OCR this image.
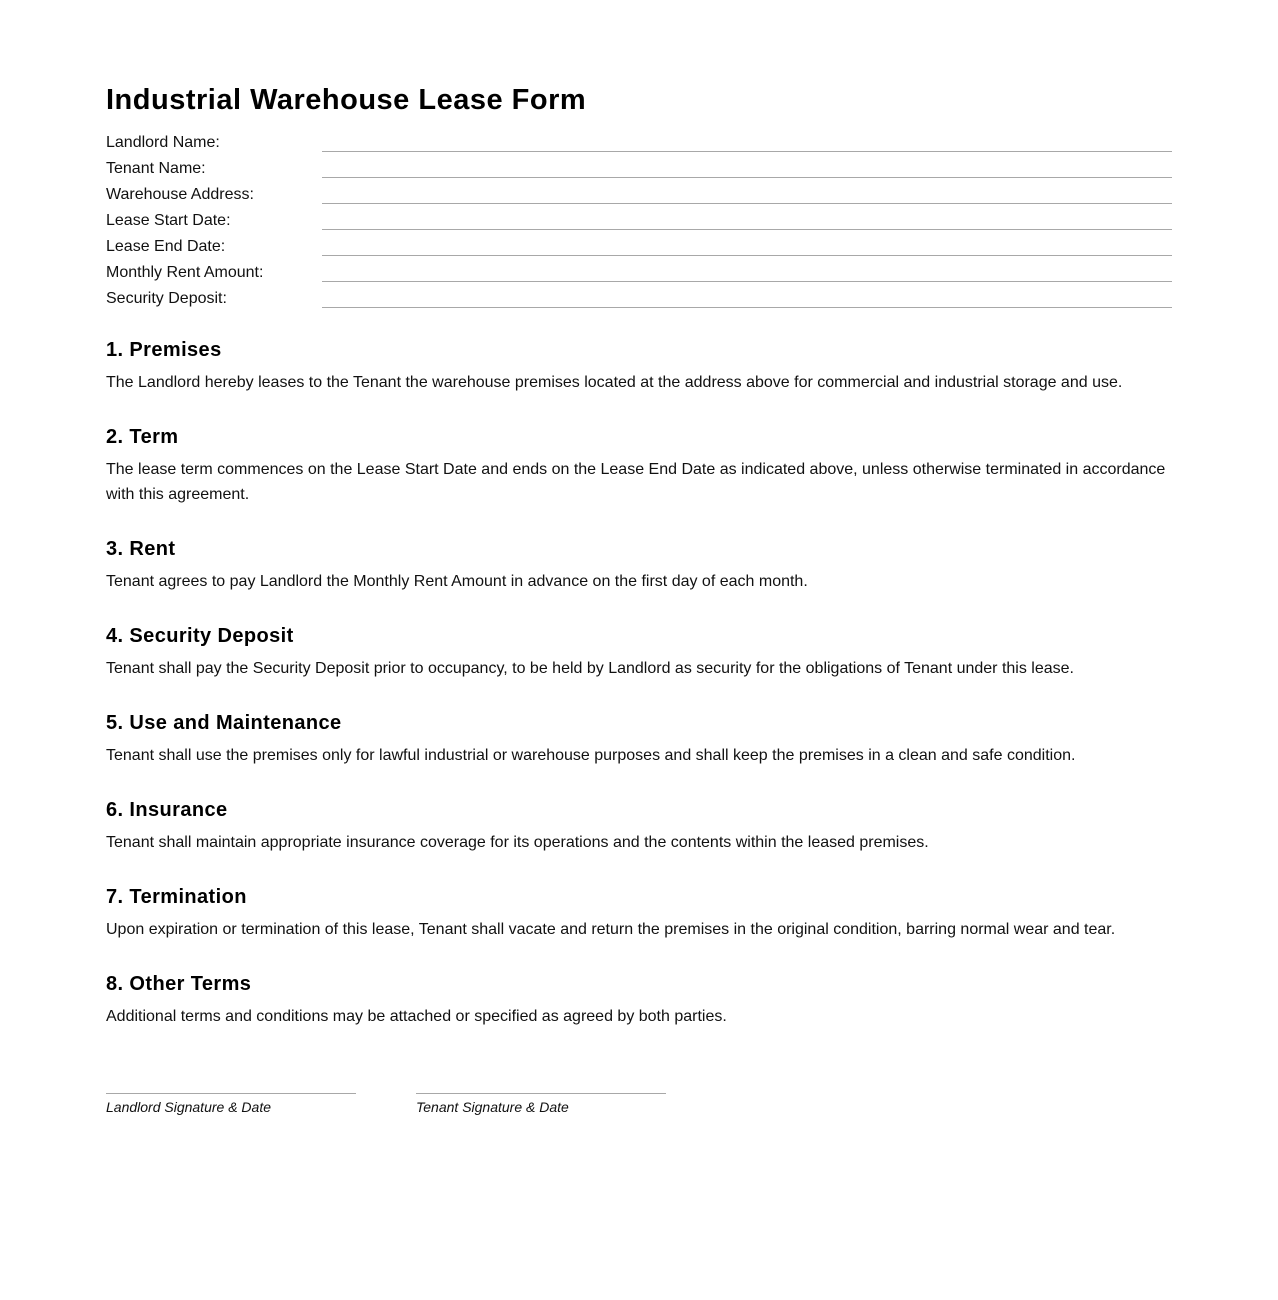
Industrial Warehouse Lease Form
Landlord Name:
Tenant Name:
Warehouse Address:
Lease Start Date:
Lease End Date:
Monthly Rent Amount:
Security Deposit:
1. Premises

The Landlord hereby leases to the Tenant the warehouse premises located at the address above for commercial and industrial storage and use.

2. Term

The lease term commences on the Lease Start Date and ends on the Lease End Date as indicated above, unless otherwise terminated in accordance with this agreement.

3. Rent

Tenant agrees to pay Landlord the Monthly Rent Amount in advance on the first day of each month.

4. Security Deposit

Tenant shall pay the Security Deposit prior to occupancy, to be held by Landlord as security for the obligations of Tenant under this lease.

5. Use and Maintenance

Tenant shall use the premises only for lawful industrial or warehouse purposes and shall keep the premises in a clean and safe condition.

6. Insurance

Tenant shall maintain appropriate insurance coverage for its operations and the contents within the leased premises.

7. Termination

Upon expiration or termination of this lease, Tenant shall vacate and return the premises in the original condition, barring normal wear and tear.

8. Other Terms

Additional terms and conditions may be attached or specified as agreed by both parties.

Landlord Signature & Date	Tenant Signature & Date
